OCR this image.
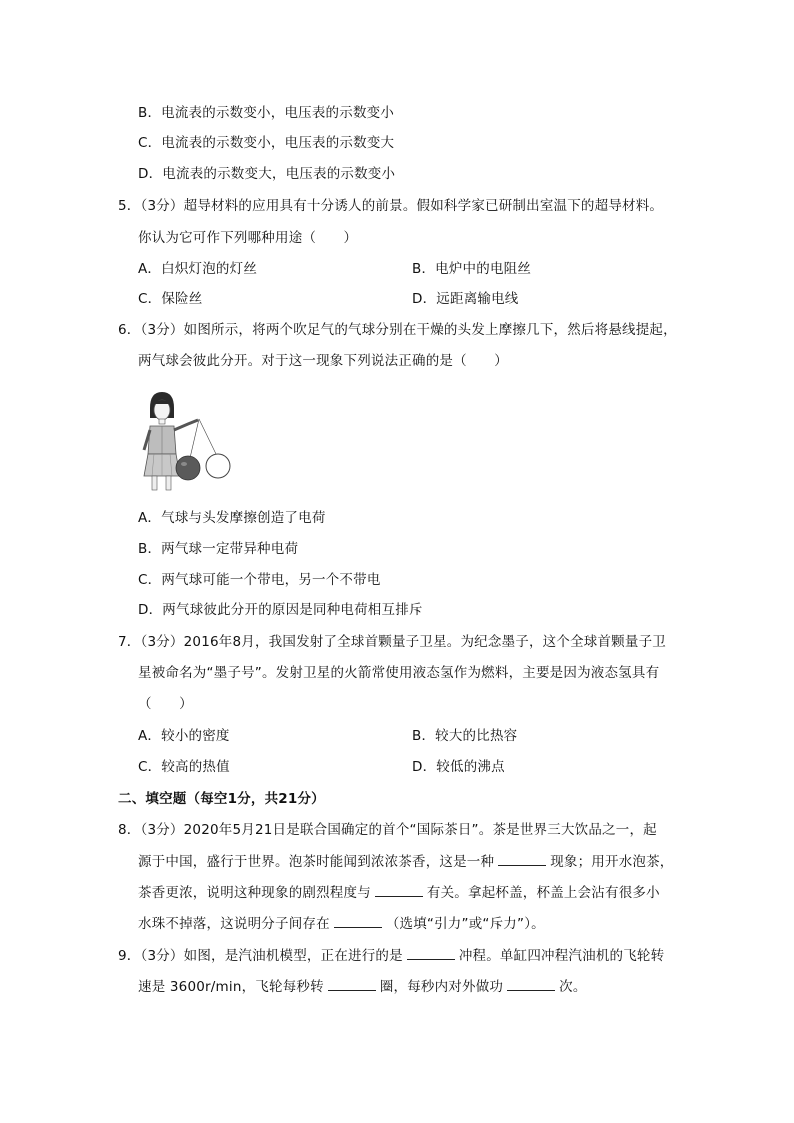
B．电流表的示数变小，电压表的示数变小
C．电流表的示数变小，电压表的示数变大
D．电流表的示数变大，电压表的示数变小
5．（3分）超导材料的应用具有十分诱人的前景。假如科学家已研制出室温下的超导材料。
你认为它可作下列哪种用途（　　）
A．白炽灯泡的灯丝	B．电炉中的电阻丝
C．保险丝	D．远距离输电线
6．（3分）如图所示，将两个吹足气的气球分别在干燥的头发上摩擦几下，然后将悬线提起，
两气球会彼此分开。对于这一现象下列说法正确的是（　　）
A．气球与头发摩擦创造了电荷
B．两气球一定带异种电荷
C．两气球可能一个带电，另一个不带电
D．两气球彼此分开的原因是同种电荷相互排斥
7．（3分）2016年8月，我国发射了全球首颗量子卫星。为纪念墨子，这个全球首颗量子卫
星被命名为“墨子号”。发射卫星的火箭常使用液态氢作为燃料，主要是因为液态氢具有
（　　）
A．较小的密度	B．较大的比热容
C．较高的热值	D．较低的沸点
二、填空题（每空1分，共21分）
8．（3分）2020年5月21日是联合国确定的首个“国际茶日”。茶是世界三大饮品之一，起
源于中国，盛行于世界。泡茶时能闻到浓浓茶香，这是一种	现象；用开水泡茶，
茶香更浓，说明这种现象的剧烈程度与	有关。拿起杯盖，杯盖上会沾有很多小
水珠不掉落，这说明分子间存在	（选填“引力”或“斥力”）。
9．（3分）如图，是汽油机模型，正在进行的是	冲程。单缸四冲程汽油机的飞轮转
速是 3600r/min，飞轮每秒转	圈，每秒内对外做功	次。
